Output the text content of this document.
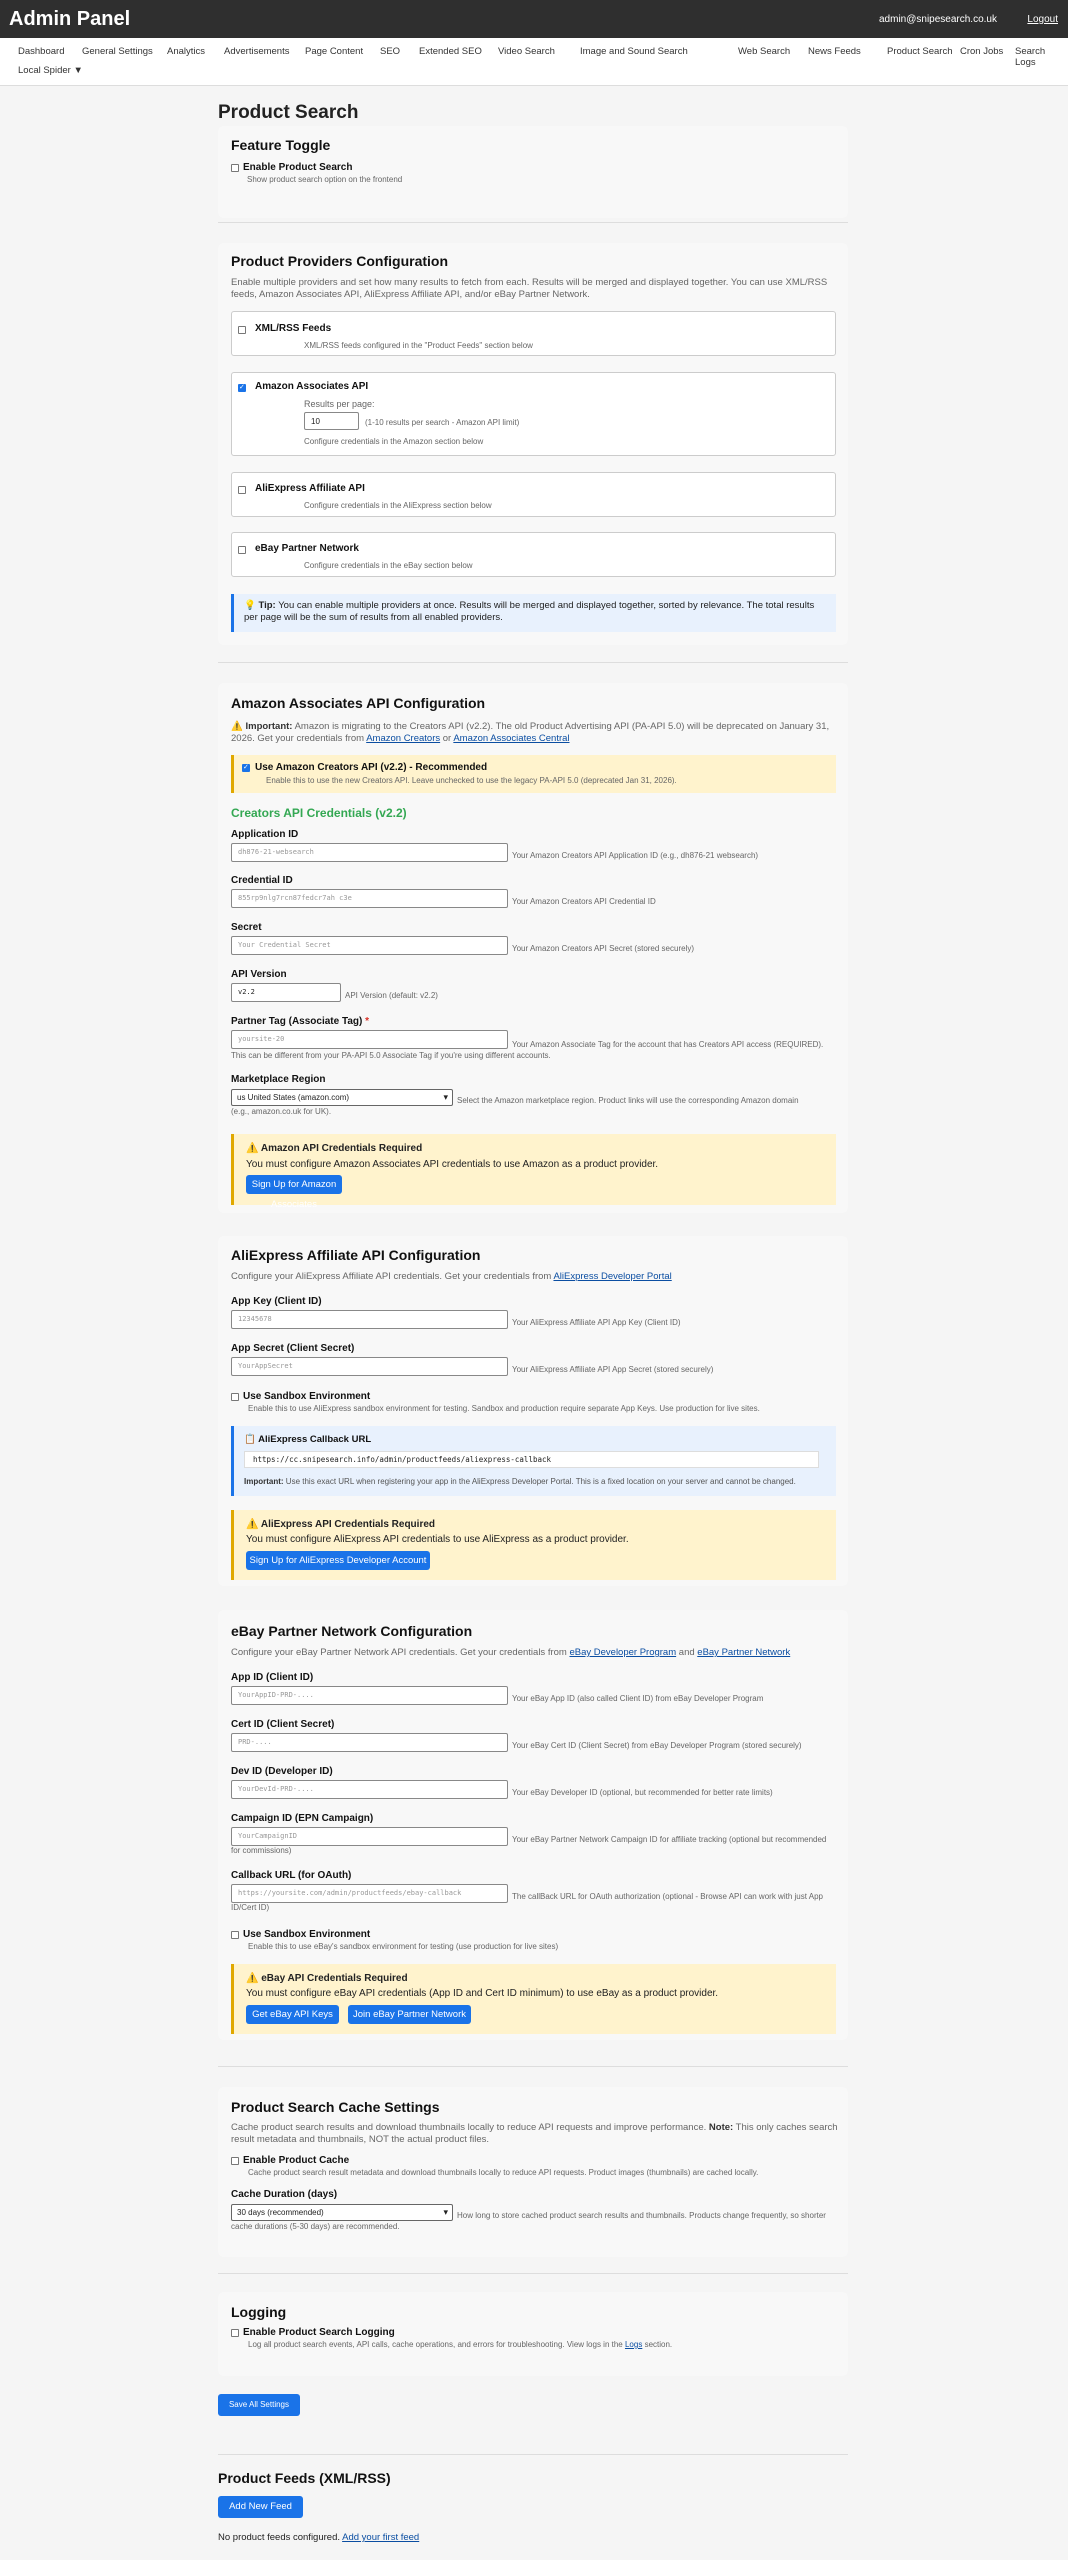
Admin Panel	admin@snipesearch.co.uk	Logout
Dashboard General Settings Analytics Advertisements Page Content SEO Extended SEO Video Search	Image and Sound Search	Web Search News Feeds	Product Search Cron Jobs Search Logs
Local Spider ▼
Product Search
Feature Toggle
Enable Product Search
Show product search option on the frontend
Product Providers Configuration
Enable multiple providers and set how many results to fetch from each. Results will be merged and displayed together. You can use XML/RSS feeds, Amazon Associates API, AliExpress Affiliate API, and/or eBay Partner Network.
XML/RSS Feeds
XML/RSS feeds configured in the "Product Feeds" section below
✓
Amazon Associates API
Results per page:
10	(1-10 results per search - Amazon API limit)
Configure credentials in the Amazon section below
AliExpress Affiliate API
Configure credentials in the AliExpress section below
eBay Partner Network
Configure credentials in the eBay section below
💡 Tip: You can enable multiple providers at once. Results will be merged and displayed together, sorted by relevance. The total results per page will be the sum of results from all enabled providers.
Amazon Associates API Configuration
⚠️ Important: Amazon is migrating to the Creators API (v2.2). The old Product Advertising API (PA-API 5.0) will be deprecated on January 31, 2026. Get your credentials from Amazon Creators or Amazon Associates Central
✓
Use Amazon Creators API (v2.2) - Recommended
Enable this to use the new Creators API. Leave unchecked to use the legacy PA-API 5.0 (deprecated Jan 31, 2026).
Creators API Credentials (v2.2)
Application ID
dh876-21-websearch	Your Amazon Creators API Application ID (e.g., dh876-21 websearch)
Credential ID
855rp9nlg7rcn87fedcr7ah c3e	Your Amazon Creators API Credential ID
Secret
Your Credential Secret	Your Amazon Creators API Secret (stored securely)
API Version
v2.2	API Version (default: v2.2)
Partner Tag (Associate Tag) *
yoursite-20
Your Amazon Associate Tag for the account that has Creators API access (REQUIRED). This can be different from your PA-API 5.0 Associate Tag if you're using different accounts.
Marketplace Region
us United States (amazon.com) ▾	Select the Amazon marketplace region. Product links will use the corresponding Amazon domain (e.g., amazon.co.uk for UK).
⚠️ Amazon API Credentials Required
You must configure Amazon Associates API credentials to use Amazon as a product provider.
Sign Up for Amazon Associates
AliExpress Affiliate API Configuration
Configure your AliExpress Affiliate API credentials. Get your credentials from AliExpress Developer Portal
App Key (Client ID)
12345678	Your AliExpress Affiliate API App Key (Client ID)
App Secret (Client Secret)
YourAppSecret	Your AliExpress Affiliate API App Secret (stored securely)
Use Sandbox Environment
Enable this to use AliExpress sandbox environment for testing. Sandbox and production require separate App Keys. Use production for live sites.
📋 AliExpress Callback URL
https://cc.snipesearch.info/admin/productfeeds/aliexpress-callback
Important: Use this exact URL when registering your app in the AliExpress Developer Portal. This is a fixed location on your server and cannot be changed.
⚠️ AliExpress API Credentials Required
You must configure AliExpress API credentials to use AliExpress as a product provider.
Sign Up for AliExpress Developer Account
eBay Partner Network Configuration
Configure your eBay Partner Network API credentials. Get your credentials from eBay Developer Program and eBay Partner Network
App ID (Client ID)
YourAppID-PRD-....	Your eBay App ID (also called Client ID) from eBay Developer Program
Cert ID (Client Secret)
PRD-....	Your eBay Cert ID (Client Secret) from eBay Developer Program (stored securely)
Dev ID (Developer ID)
YourDevId-PRD-....	Your eBay Developer ID (optional, but recommended for better rate limits)
Campaign ID (EPN Campaign)
YourCampaignID	Your eBay Partner Network Campaign ID for affiliate tracking (optional but recommended for commissions)
Callback URL (for OAuth)
https://yoursite.com/admin/productfeeds/ebay-callback	The callBack URL for OAuth authorization (optional - Browse API can work with just App ID/Cert ID)
Use Sandbox Environment
Enable this to use eBay's sandbox environment for testing (use production for live sites)
⚠️ eBay API Credentials Required
You must configure eBay API credentials (App ID and Cert ID minimum) to use eBay as a product provider.
Get eBay API Keys	Join eBay Partner Network
Product Search Cache Settings
Cache product search results and download thumbnails locally to reduce API requests and improve performance. Note: This only caches search result metadata and thumbnails, NOT the actual product files.
Enable Product Cache
Cache product search result metadata and download thumbnails locally to reduce API requests. Product images (thumbnails) are cached locally.
Cache Duration (days)
30 days (recommended) ▾	How long to store cached product search results and thumbnails. Products change frequently, so shorter cache durations (5-30 days) are recommended.
Logging
Enable Product Search Logging
Log all product search events, API calls, cache operations, and errors for troubleshooting. View logs in the Logs section.
Save All Settings
Product Feeds (XML/RSS)
Add New Feed
No product feeds configured. Add your first feed
